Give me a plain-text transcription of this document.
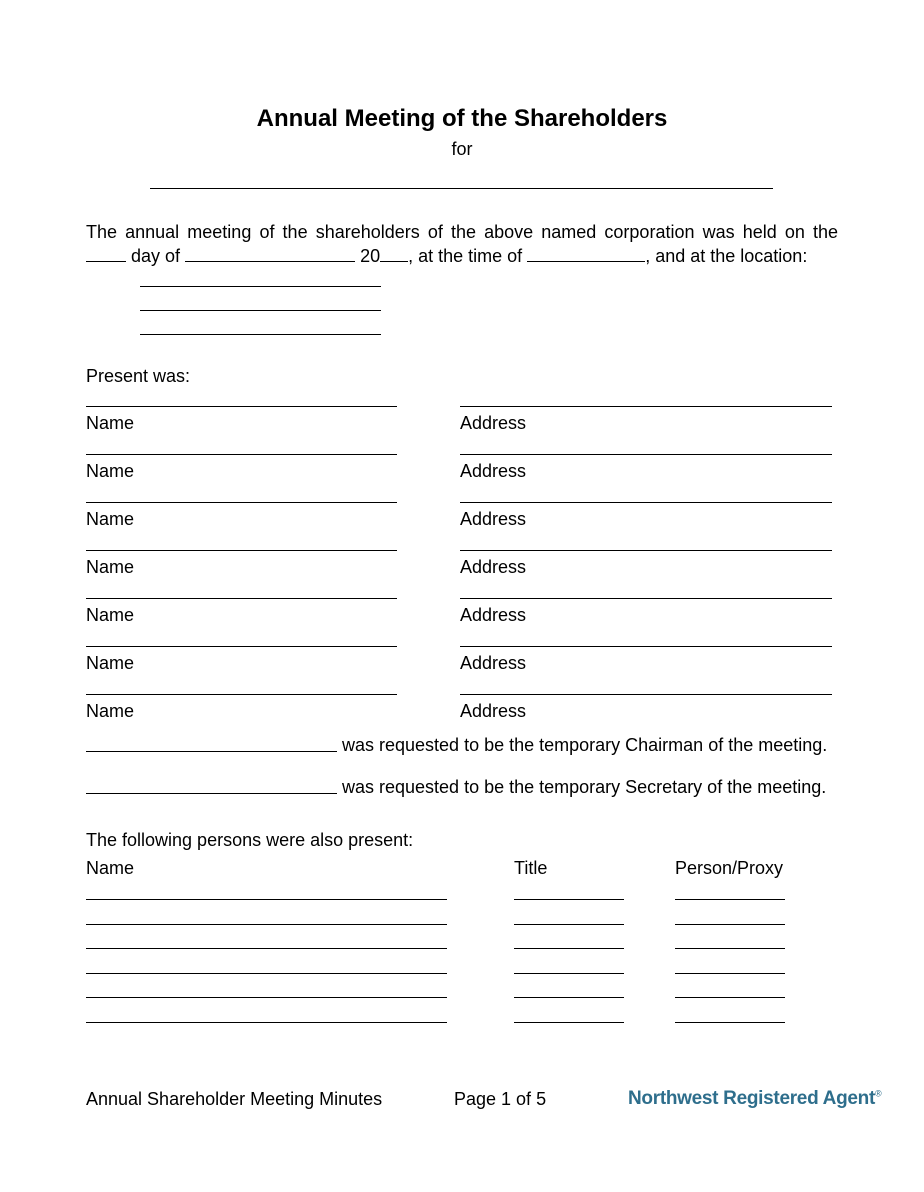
Annual Meeting of the Shareholders
for
The annual meeting of the shareholders of the above named corporation was held on the
day of	20 , at the time of	, and at the location:
Present was:
Name	Address
Name	Address
Name	Address
Name	Address
Name	Address
Name	Address
Name	Address
was requested to be the temporary Chairman of the meeting.
was requested to be the temporary Secretary of the meeting.
The following persons were also present:
Name	Title	Person/Proxy
Annual Shareholder Meeting Minutes	Page 1 of 5	Northwest Registered Agent®
